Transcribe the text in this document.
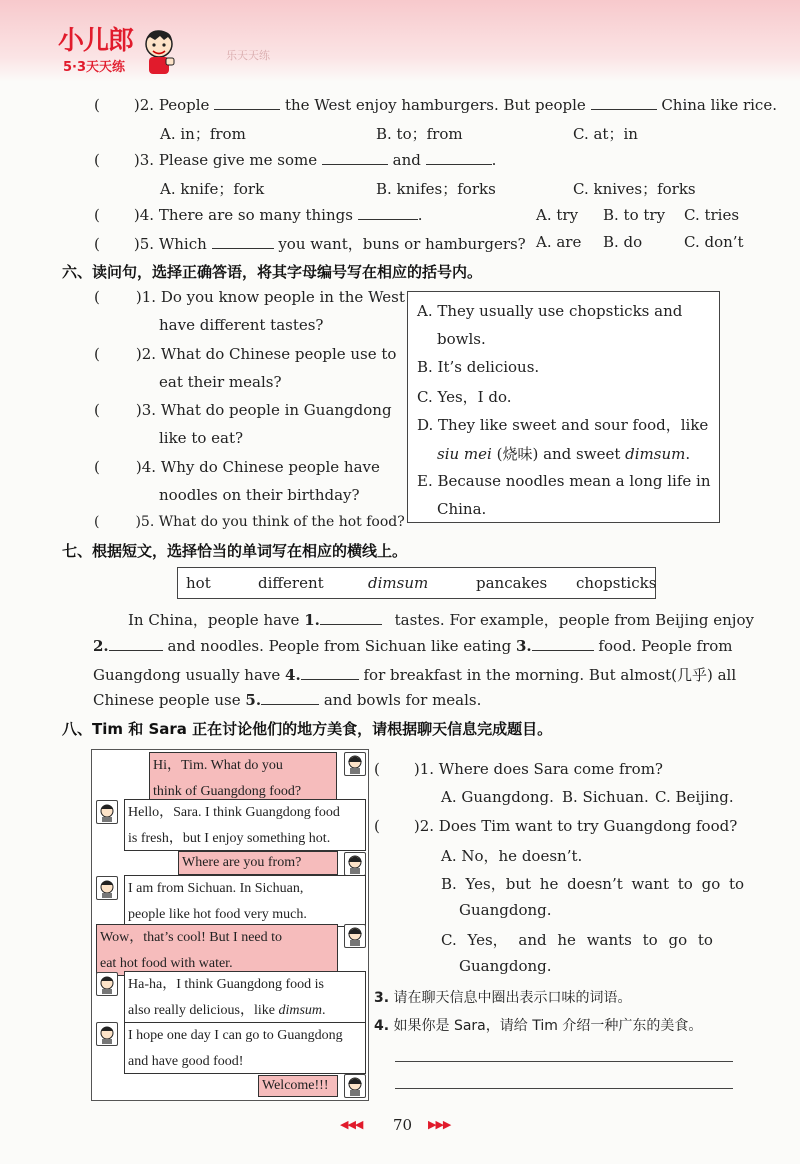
小儿郎
5·3天天练
乐天天练
( )2. People	the West enjoy hamburgers. But people	China like rice.
A. in；from	B. to；from	C. at；in
( )3. Please give me some	and	.
A. knife；fork	B. knifes；forks	C. knives；forks
( )4. There are so many things	.	A. try B. to try C. tries
( )5. Which	you want，buns or hamburgers? A. are B. do	C. don’t
六、读问句，选择正确答语，将其字母编号写在相应的括号内。
( )1. Do you know people in the West
have different tastes?
( )2. What do Chinese people use to
eat their meals?
( )3. What do people in Guangdong
like to eat?
( )4. Why do Chinese people have
noodles on their birthday?
(	)5. What do you think of the hot food?
A. They usually use chopsticks and
bowls.
B. It’s delicious.
C. Yes，I do.
D. They like sweet and sour food，like
siu mei (烧味) and sweet dimsum.
E. Because noodles mean a long life in
China.
七、根据短文，选择恰当的单词写在相应的横线上。
hot	different	dimsum	pancakes chopsticks
In China，people have 1.	tastes. For example，people from Beijing enjoy
2.	and noodles. People from Sichuan like eating 3.	food. People from
Guangdong usually have 4.	for breakfast in the morning. But almost(几乎) all
Chinese people use 5.	and bowls for meals.
八、Tim 和 Sara 正在讨论他们的地方美食，请根据聊天信息完成题目。
Hi，Tim. What do you
think of Guangdong food?
Hello，Sara. I think Guangdong food
is fresh，but I enjoy something hot.
Where are you from?
I am from Sichuan. In Sichuan,
people like hot food very much.
Wow，that’s cool! But I need to
eat hot food with water.
Ha-ha，I think Guangdong food is
also really delicious，like dimsum.
I hope one day I can go to Guangdong
and have good food!
Welcome!!!
( )1. Where does Sara come from?
A. Guangdong. B. Sichuan. C. Beijing.
( )2. Does Tim want to try Guangdong food?
A. No，he doesn’t.
B. Yes，but he doesn’t want to go to
Guangdong.
C. Yes， and he wants to go to
Guangdong.
3. 请在聊天信息中圈出表示口味的词语。
4. 如果你是 Sara，请给 Tim 介绍一种广东的美食。
◀◀◀ 70 ▶▶▶
